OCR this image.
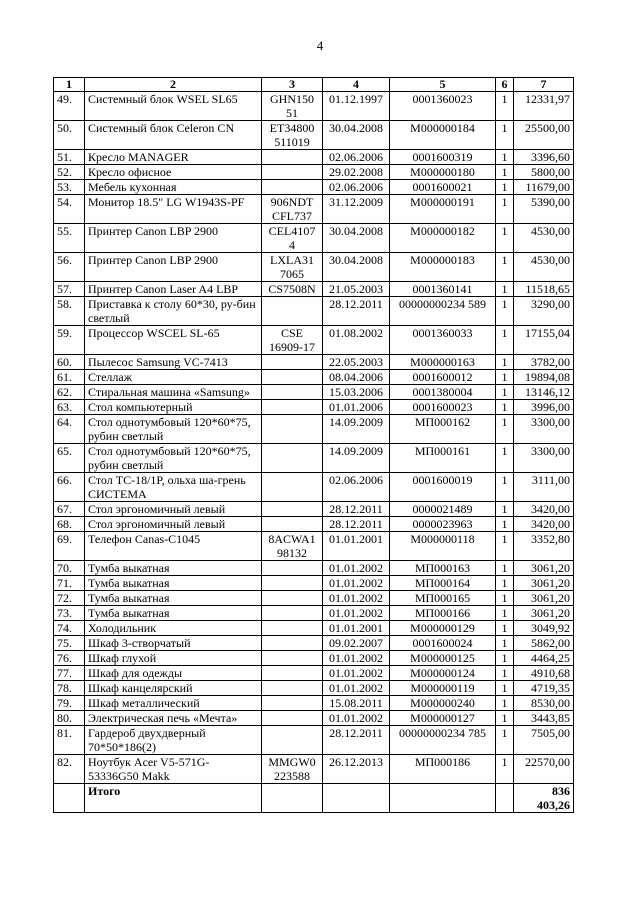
4
1	2	3	4	5	6	7
49.	Системный блок WSEL SL65	GHN150 51	01.12.1997	0001360023	1	12331,97
50.	Системный блок Celeron CN	ET34800 511019	30.04.2008	М000000184	1	25500,00
51.	Кресло MANAGER		02.06.2006	0001600319	1	3396,60
52.	Кресло офисное		29.02.2008	М000000180	1	5800,00
53.	Мебель кухонная		02.06.2006	0001600021	1	11679,00
54.	Монитор 18.5" LG W1943S-PF	906NDT CFL737	31.12.2009	М000000191	1	5390,00
55.	Принтер Canon LBP 2900	CEL4107 4	30.04.2008	М000000182	1	4530,00
56.	Принтер Canon LBP 2900	LXLA31 7065	30.04.2008	М000000183	1	4530,00
57.	Принтер Canon Laser A4 LBP	CS7508N	21.05.2003	0001360141	1	11518,65
58.	Приставка к столу 60*30, ру-бин светлый		28.12.2011	00000000234 589	1	3290,00
59.	Процессор WSCEL SL-65	CSE 16909-17	01.08.2002	0001360033	1	17155,04
60.	Пылесос Samsung VC-7413		22.05.2003	М000000163	1	3782,00
61.	Стеллаж		08.04.2006	0001600012	1	19894,08
62.	Стиральная машина «Samsung»		15.03.2006	0001380004	1	13146,12
63.	Стол компьютерный		01.01.2006	0001600023	1	3996,00
64.	Стол однотумбовый 120*60*75, рубин светлый		14.09.2009	МП000162	1	3300,00
65.	Стол однотумбовый 120*60*75, рубин светлый		14.09.2009	МП000161	1	3300,00
66.	Стол ТС-18/1Р, ольха ша-грень СИСТЕМА		02.06.2006	0001600019	1	3111,00
67.	Стол эргономичный левый		28.12.2011	0000021489	1	3420,00
68.	Стол эргономичный левый		28.12.2011	0000023963	1	3420,00
69.	Телефон Canas-C1045	8ACWA1 98132	01.01.2001	М000000118	1	3352,80
70.	Тумба выкатная		01.01.2002	МП000163	1	3061,20
71.	Тумба выкатная		01.01.2002	МП000164	1	3061,20
72.	Тумба выкатная		01.01.2002	МП000165	1	3061,20
73.	Тумба выкатная		01.01.2002	МП000166	1	3061,20
74.	Холодильник		01.01.2001	М000000129	1	3049,92
75.	Шкаф 3-створчатый		09.02.2007	0001600024	1	5862,00
76.	Шкаф глухой		01.01.2002	М000000125	1	4464,25
77.	Шкаф для одежды		01.01.2002	М000000124	1	4910,68
78.	Шкаф канцелярский		01.01.2002	М000000119	1	4719,35
79.	Шкаф металлический		15.08.2011	М000000240	1	8530,00
80.	Электрическая печь «Мечта»		01.01.2002	М000000127	1	3443,85
81.	Гардероб двухдверный 70*50*186(2)		28.12.2011	00000000234 785	1	7505,00
82.	Ноутбук Acer V5-571G-53336G50 Makk	MMGW0 223588	26.12.2013	МП000186	1	22570,00
	Итого					836 403,26
